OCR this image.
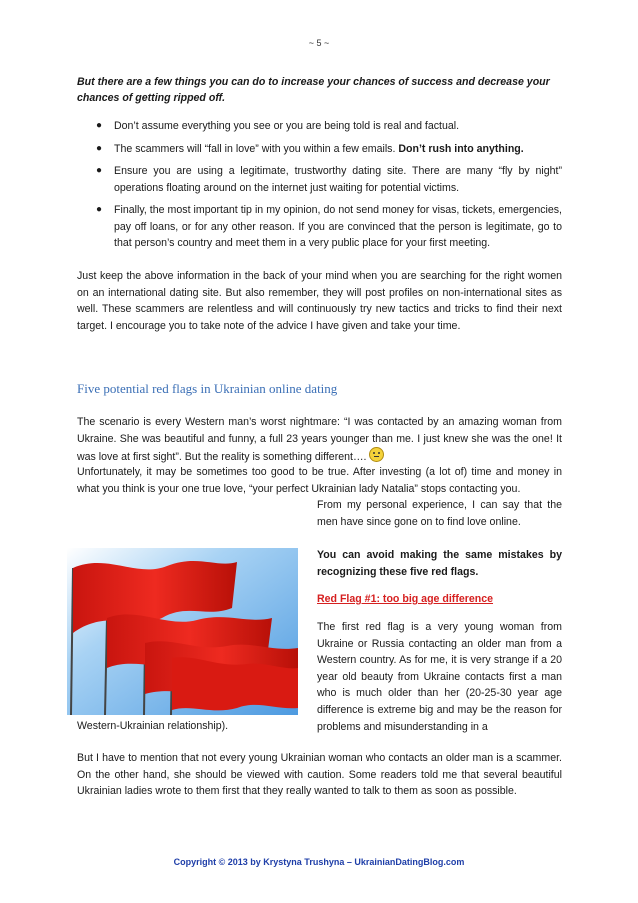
~ 5 ~

But there are a few things you can do to increase your chances of success and decrease your chances of getting ripped off.

● Don’t assume everything you see or you are being told is real and factual.
● The scammers will “fall in love” with you within a few emails. Don’t rush into anything.
● Ensure you are using a legitimate, trustworthy dating site. There are many “fly by night” operations floating around on the internet just waiting for potential victims.
● Finally, the most important tip in my opinion, do not send money for visas, tickets, emergencies, pay off loans, or for any other reason. If you are convinced that the person is legitimate, go to that person’s country and meet them in a very public place for your first meeting.

Just keep the above information in the back of your mind when you are searching for the right women on an international dating site. But also remember, they will post profiles on non-international sites as well. These scammers are relentless and will continuously try new tactics and tricks to find their next target. I encourage you to take note of the advice I have given and take your time.

Five potential red flags in Ukrainian online dating

The scenario is every Western man’s worst nightmare: “I was contacted by an amazing woman from Ukraine. She was beautiful and funny, a full 23 years younger than me. I just knew she was the one! It was love at first sight”. But the reality is something different….

Unfortunately, it may be sometimes too good to be true. After investing (a lot of) time and money in what you think is your one true love, “your perfect Ukrainian lady Natalia” stops contacting you.

From my personal experience, I can say that the men have since gone on to find love online.

You can avoid making the same mistakes by recognizing these five red flags.

Red Flag #1: too big age difference

The first red flag is a very young woman from Ukraine or Russia contacting an older man from a Western country. As for me, it is very strange if a 20 year old beauty from Ukraine contacts first a man who is much older than her (20-25-30 year age difference is extreme big and may be the reason for problems and misunderstanding in a

Western-Ukrainian relationship).

But I have to mention that not every young Ukrainian woman who contacts an older man is a scammer. On the other hand, she should be viewed with caution. Some readers told me that several beautiful Ukrainian ladies wrote to them first that they really wanted to talk to them as soon as possible.

Copyright © 2013 by Krystyna Trushyna – UkrainianDatingBlog.com
